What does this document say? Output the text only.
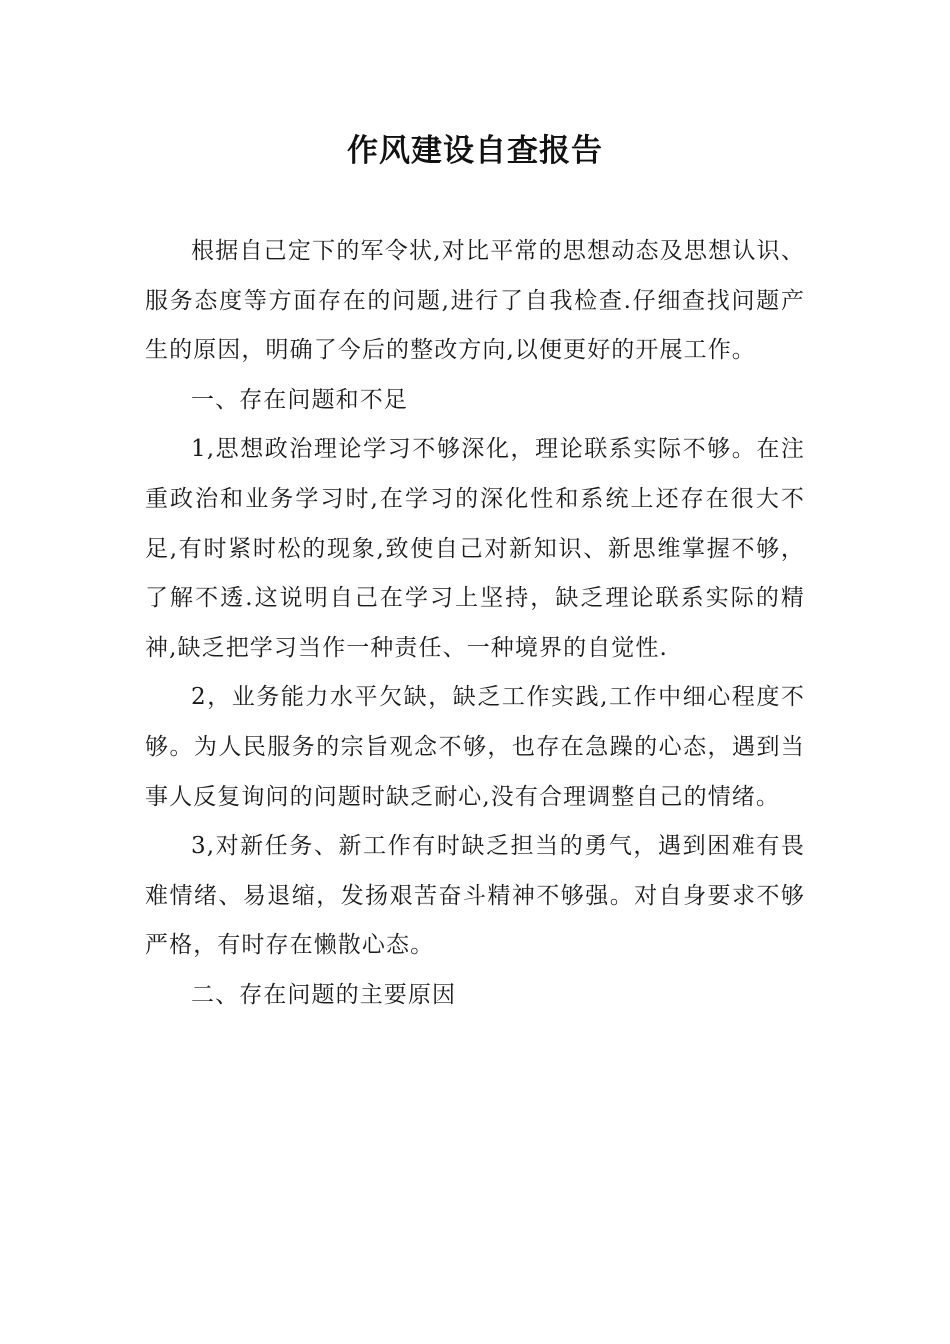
作风建设自查报告

根据自己定下的军令状,对比平常的思想动态及思想认识、服务态度等方面存在的问题,进行了自我检查.仔细查找问题产生的原因，明确了今后的整改方向,以便更好的开展工作。

一、存在问题和不足

1,思想政治理论学习不够深化，理论联系实际不够。在注重政治和业务学习时,在学习的深化性和系统上还存在很大不足,有时紧时松的现象,致使自己对新知识、新思维掌握不够，了解不透.这说明自己在学习上坚持，缺乏理论联系实际的精神,缺乏把学习当作一种责任、一种境界的自觉性.

2，业务能力水平欠缺，缺乏工作实践,工作中细心程度不够。为人民服务的宗旨观念不够，也存在急躁的心态，遇到当事人反复询问的问题时缺乏耐心,没有合理调整自己的情绪。

3,对新任务、新工作有时缺乏担当的勇气，遇到困难有畏难情绪、易退缩，发扬艰苦奋斗精神不够强。对自身要求不够严格，有时存在懒散心态。

二、存在问题的主要原因
